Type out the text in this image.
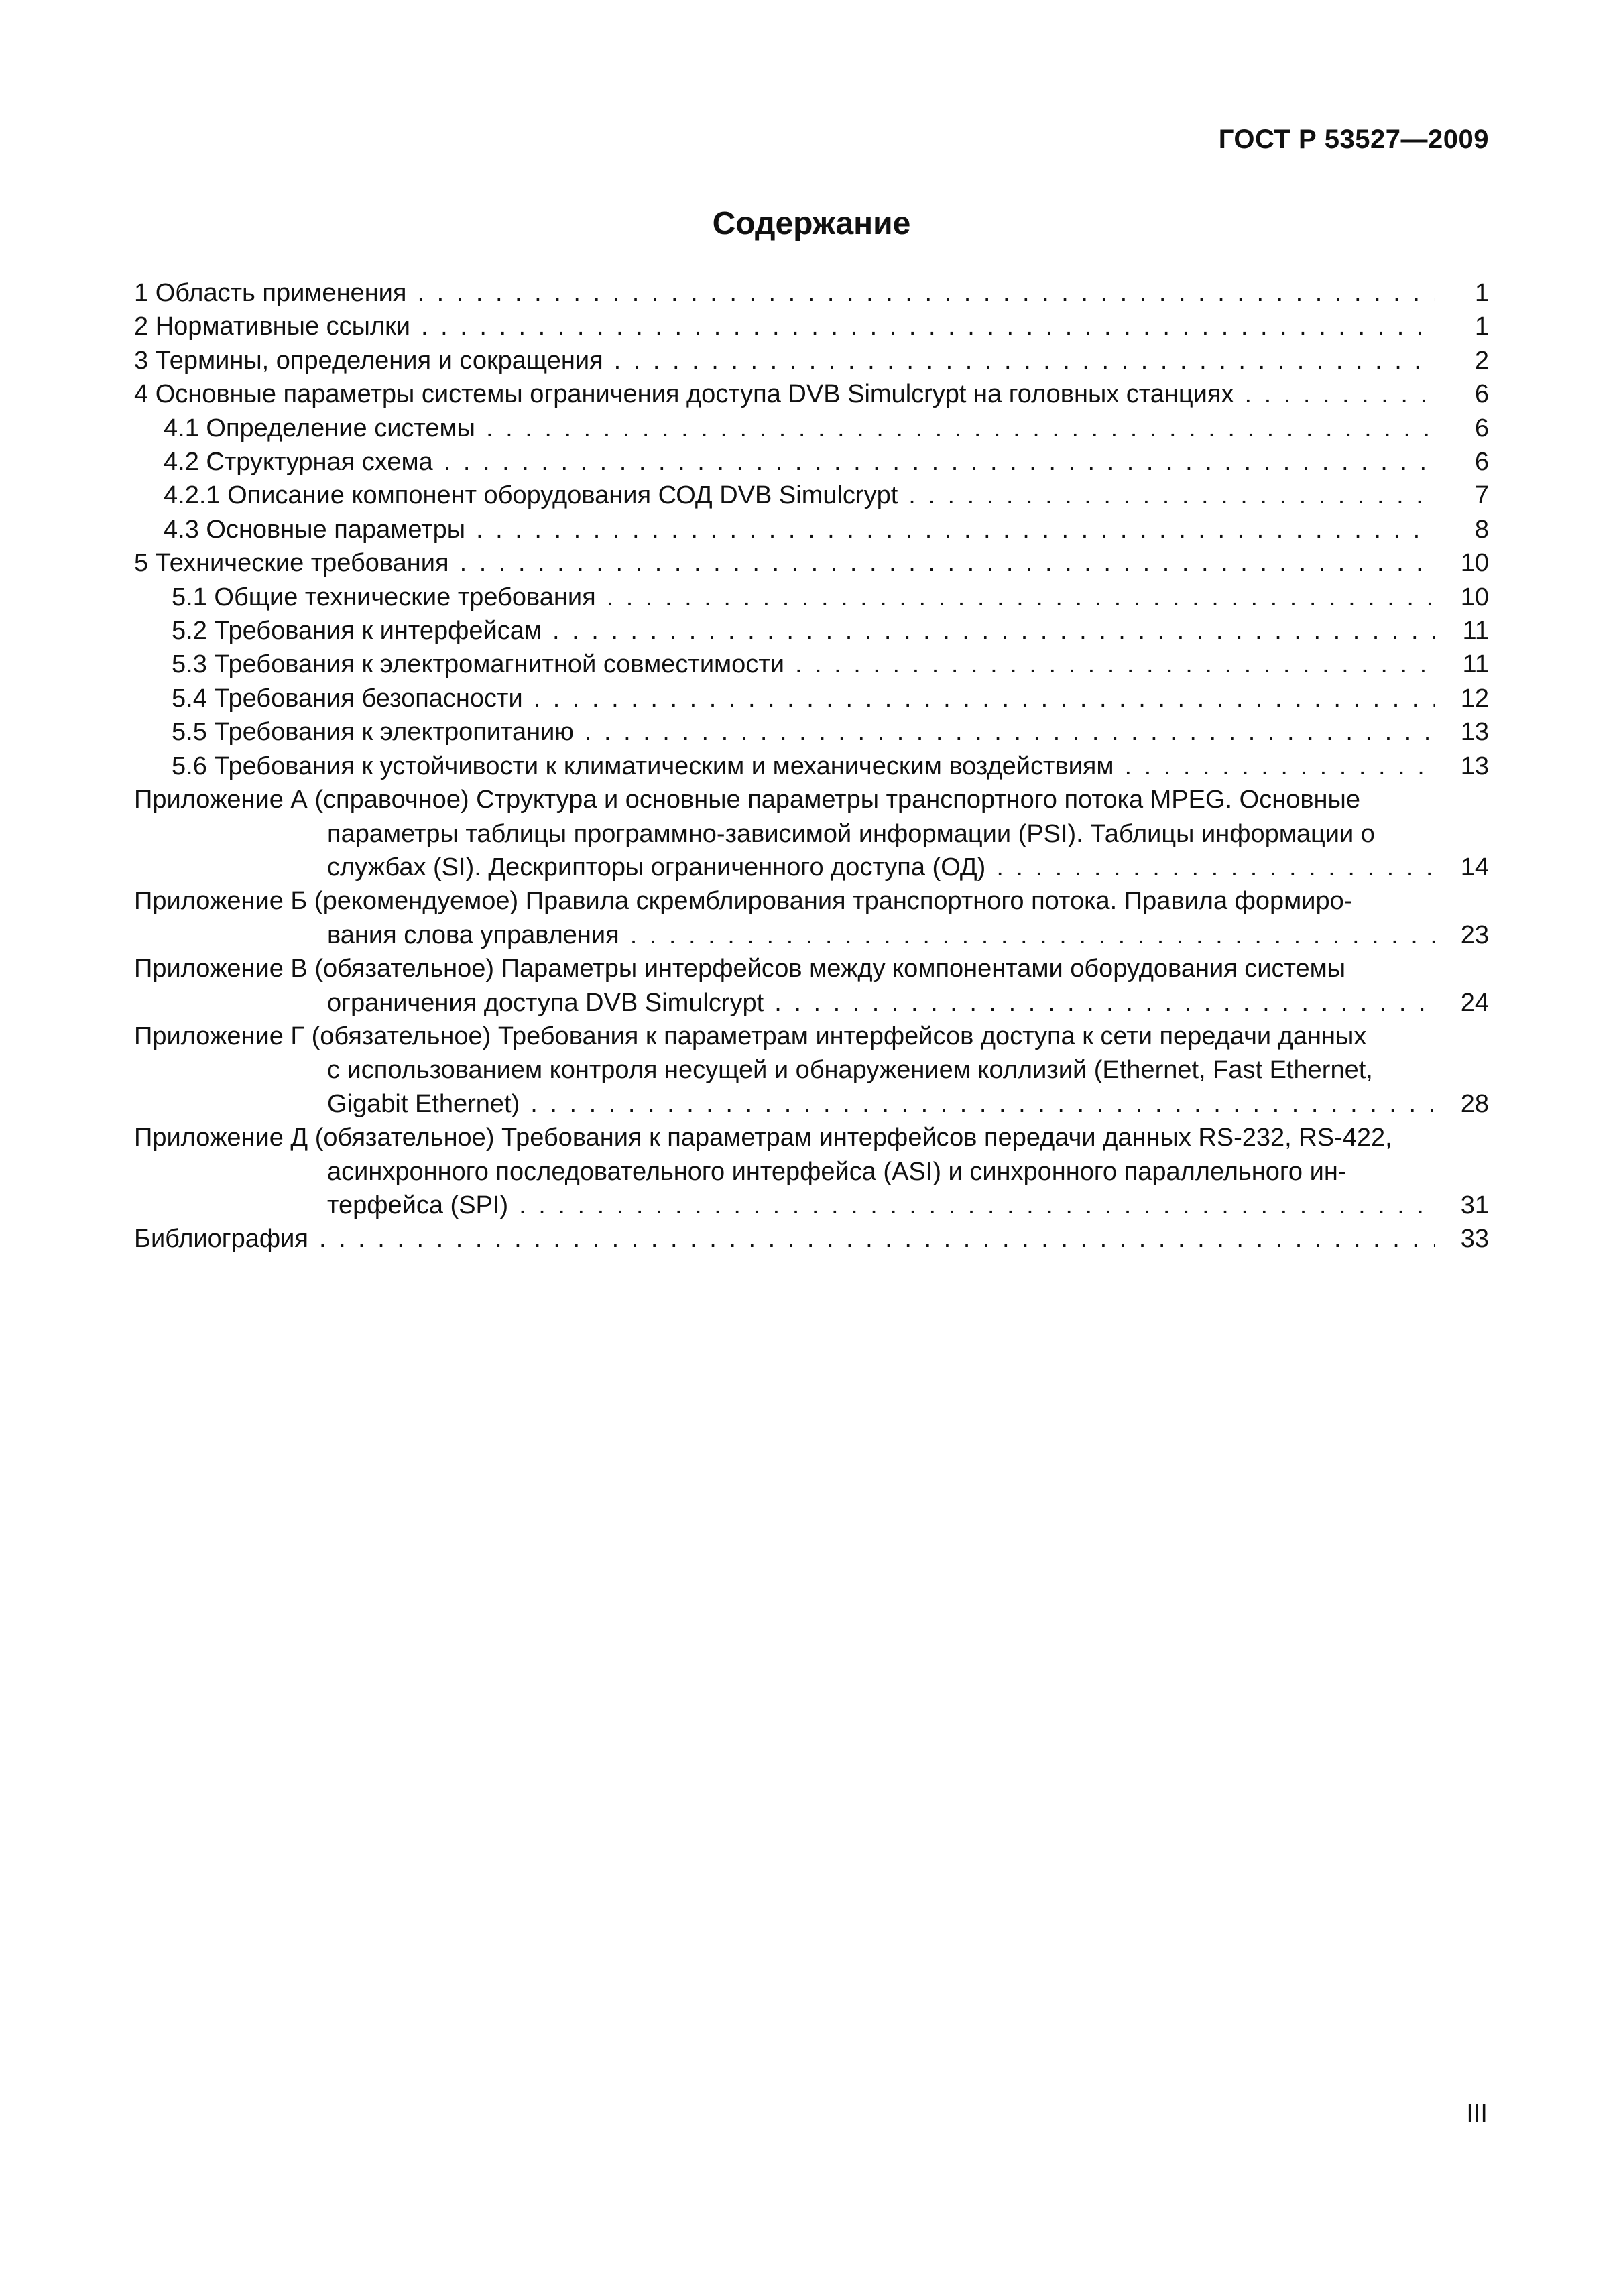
ГОСТ Р 53527—2009
Содержание
1 Область применения . . .	1
2 Нормативные ссылки . . .	1
3 Термины, определения и сокращения . . .	2
4 Основные параметры системы ограничения доступа DVB Simulcrypt на головных станциях . . .	6
4.1 Определение системы . . .	6
4.2 Структурная схема . . .	6
4.2.1 Описание компонент оборудования СОД DVB Simulcrypt . . .	7
4.3 Основные параметры . . .	8
5 Технические требования . . .	10
5.1 Общие технические требования . . .	10
5.2 Требования к интерфейсам . . .	11
5.3 Требования к электромагнитной совместимости . . .	11
5.4 Требования безопасности . . .	12
5.5 Требования к электропитанию . . .	13
5.6 Требования к устойчивости к климатическим и механическим воздействиям . . .	13
Приложение А (справочное) Структура и основные параметры транспортного потока MPEG. Основные
параметры таблицы программно-зависимой информации (PSI). Таблицы информации о
службах (SI). Дескрипторы ограниченного доступа (ОД) . . .	14
Приложение Б (рекомендуемое) Правила скремблирования транспортного потока. Правила формиро-
вания слова управления . . .	23
Приложение В (обязательное) Параметры интерфейсов между компонентами оборудования системы
ограничения доступа DVB Simulcrypt . . .	24
Приложение Г (обязательное) Требования к параметрам интерфейсов доступа к сети передачи данных
с использованием контроля несущей и обнаружением коллизий (Ethernet, Fast Ethernet,
Gigabit Ethernet) . . .	28
Приложение Д (обязательное) Требования к параметрам интерфейсов передачи данных RS-232, RS-422,
асинхронного последовательного интерфейса (ASI) и синхронного параллельного ин-
терфейса (SPI) . . .	31
Библиография . . .	33
III
